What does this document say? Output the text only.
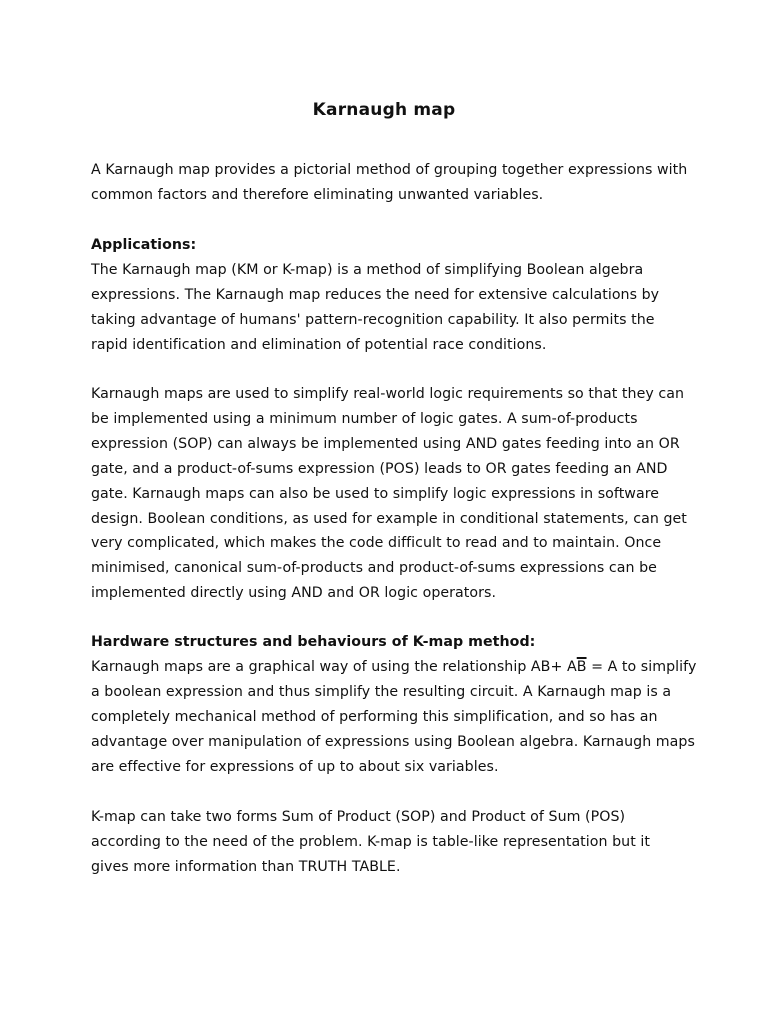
Karnaugh map
A Karnaugh map provides a pictorial method of grouping together expressions with
common factors and therefore eliminating unwanted variables.
Applications:
The Karnaugh map (KM or K-map) is a method of simplifying Boolean algebra
expressions. The Karnaugh map reduces the need for extensive calculations by
taking advantage of humans' pattern-recognition capability. It also permits the
rapid identification and elimination of potential race conditions.
Karnaugh maps are used to simplify real-world logic requirements so that they can
be implemented using a minimum number of logic gates. A sum-of-products
expression (SOP) can always be implemented using AND gates feeding into an OR
gate, and a product-of-sums expression (POS) leads to OR gates feeding an AND
gate. Karnaugh maps can also be used to simplify logic expressions in software
design. Boolean conditions, as used for example in conditional statements, can get
very complicated, which makes the code difficult to read and to maintain. Once
minimised, canonical sum-of-products and product-of-sums expressions can be
implemented directly using AND and OR logic operators.
Hardware structures and behaviours of K-map method:
Karnaugh maps are a graphical way of using the relationship $AB+ A\overline{B} = A$ to simplify
a boolean expression and thus simplify the resulting circuit. A Karnaugh map is a
completely mechanical method of performing this simplification, and so has an
advantage over manipulation of expressions using Boolean algebra. Karnaugh maps
are effective for expressions of up to about six variables.
K-map can take two forms Sum of Product (SOP) and Product of Sum (POS)
according to the need of the problem. K-map is table-like representation but it
gives more information than TRUTH TABLE.
